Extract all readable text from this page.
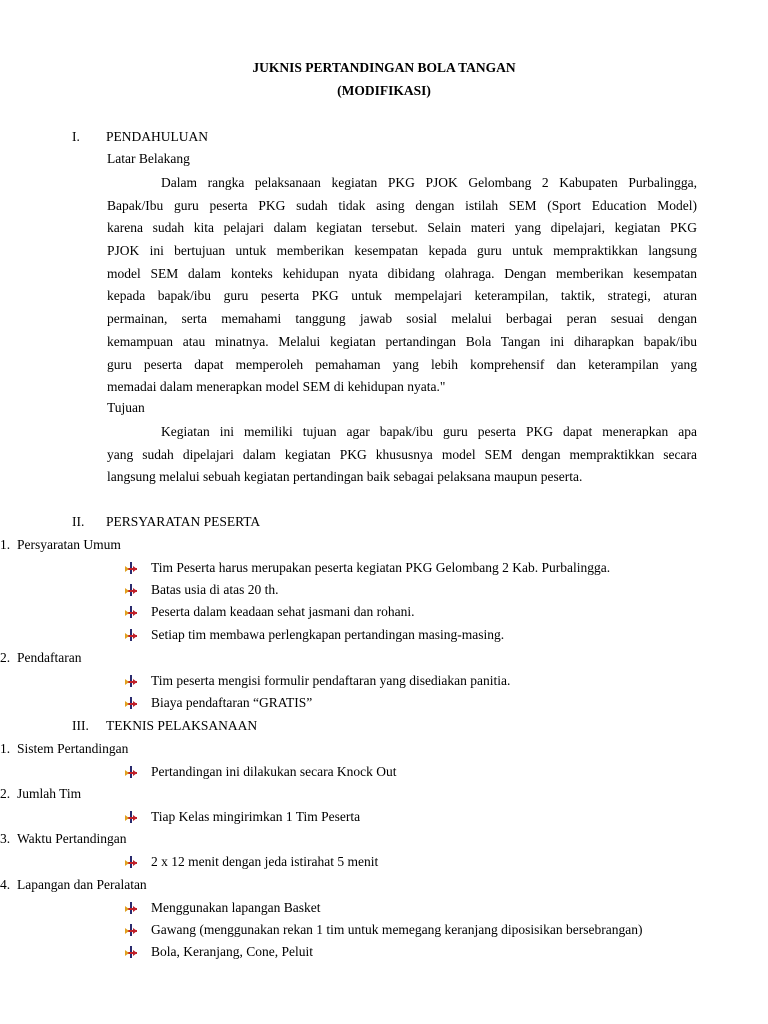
JUKNIS PERTANDINGAN BOLA TANGAN
(MODIFIKASI)
I. PENDAHULUAN
Latar Belakang
Dalam rangka pelaksanaan kegiatan PKG PJOK Gelombang 2 Kabupaten Purbalingga,
Bapak/Ibu guru peserta PKG sudah tidak asing dengan istilah SEM (Sport Education Model)
karena sudah kita pelajari dalam kegiatan tersebut. Selain materi yang dipelajari, kegiatan PKG
PJOK ini bertujuan untuk memberikan kesempatan kepada guru untuk mempraktikkan langsung
model SEM dalam konteks kehidupan nyata dibidang olahraga. Dengan memberikan kesempatan
kepada bapak/ibu guru peserta PKG untuk mempelajari keterampilan, taktik, strategi, aturan
permainan, serta memahami tanggung jawab sosial melalui berbagai peran sesuai dengan
kemampuan atau minatnya. Melalui kegiatan pertandingan Bola Tangan ini diharapkan bapak/ibu
guru peserta dapat memperoleh pemahaman yang lebih komprehensif dan keterampilan yang
memadai dalam menerapkan model SEM di kehidupan nyata."
Tujuan
Kegiatan ini memiliki tujuan agar bapak/ibu guru peserta PKG dapat menerapkan apa
yang sudah dipelajari dalam kegiatan PKG khususnya model SEM dengan mempraktikkan secara
langsung melalui sebuah kegiatan pertandingan baik sebagai pelaksana maupun peserta.
II. PERSYARATAN PESERTA
1. Persyaratan Umum
Tim Peserta harus merupakan peserta kegiatan PKG Gelombang 2 Kab. Purbalingga.
Batas usia di atas 20 th.
Peserta dalam keadaan sehat jasmani dan rohani.
Setiap tim membawa perlengkapan pertandingan masing-masing.
2. Pendaftaran
Tim peserta mengisi formulir pendaftaran yang disediakan panitia.
Biaya pendaftaran “GRATIS”
III. TEKNIS PELAKSANAAN
1. Sistem Pertandingan
Pertandingan ini dilakukan secara Knock Out
2. Jumlah Tim
Tiap Kelas mingirimkan 1 Tim Peserta
3. Waktu Pertandingan
2 x 12 menit dengan jeda istirahat 5 menit
4. Lapangan dan Peralatan
Menggunakan lapangan Basket
Gawang (menggunakan rekan 1 tim untuk memegang keranjang diposisikan bersebrangan)
Bola, Keranjang, Cone, Peluit
